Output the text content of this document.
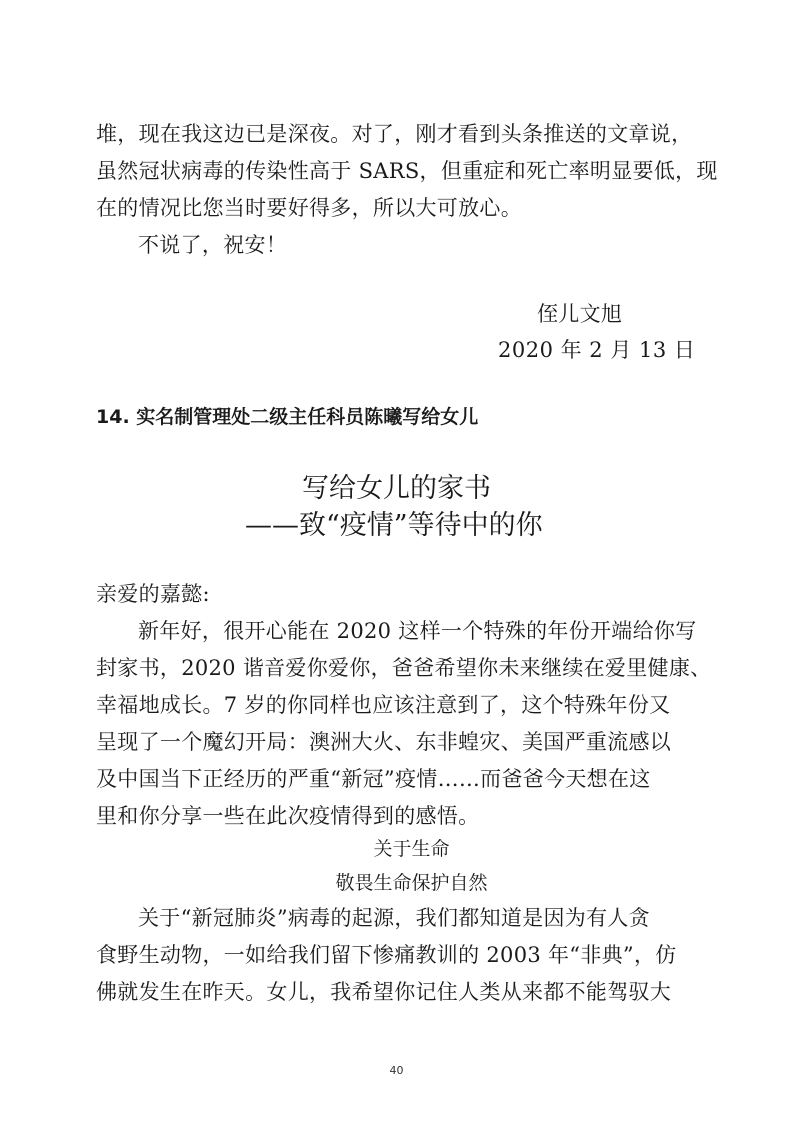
堆，现在我这边已是深夜。对了，刚才看到头条推送的文章说，
虽然冠状病毒的传染性高于 SARS，但重症和死亡率明显要低，现
在的情况比您当时要好得多，所以大可放心。
不说了，祝安！
侄儿文旭
2020 年 2 月 13 日
14. 实名制管理处二级主任科员陈曦写给女儿
写给女儿的家书
——致“疫情”等待中的你
亲爱的嘉懿:
新年好，很开心能在 2020 这样一个特殊的年份开端给你写
封家书，2020 谐音爱你爱你，爸爸希望你未来继续在爱里健康、
幸福地成长。7 岁的你同样也应该注意到了，这个特殊年份又
呈现了一个魔幻开局：澳洲大火、东非蝗灾、美国严重流感以
及中国当下正经历的严重“新冠”疫情……而爸爸今天想在这
里和你分享一些在此次疫情得到的感悟。
关于生命
敬畏生命保护自然
关于“新冠肺炎”病毒的起源，我们都知道是因为有人贪
食野生动物，一如给我们留下惨痛教训的 2003 年“非典”，仿
佛就发生在昨天。女儿，我希望你记住人类从来都不能驾驭大
40
